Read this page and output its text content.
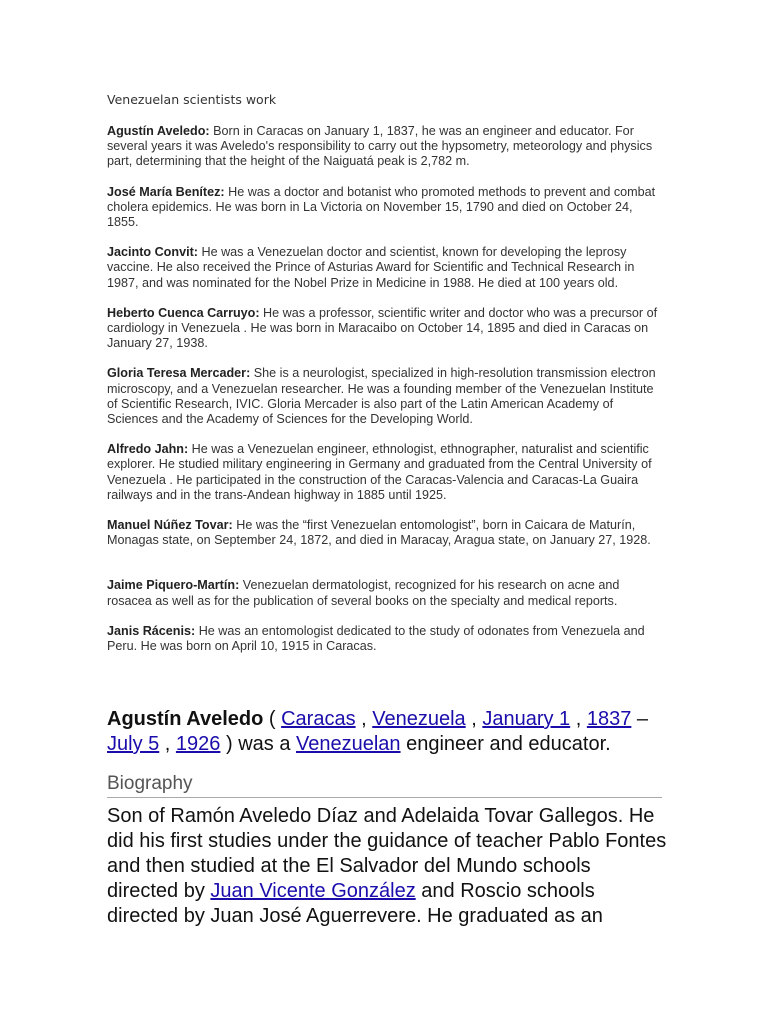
Venezuelan scientists work

Agustín Aveledo: Born in Caracas on January 1, 1837, he was an engineer and educator. For several years it was Aveledo's responsibility to carry out the hypsometry, meteorology and physics part, determining that the height of the Naiguatá peak is 2,782 m.

José María Benítez: He was a doctor and botanist who promoted methods to prevent and combat cholera epidemics. He was born in La Victoria on November 15, 1790 and died on October 24, 1855.

Jacinto Convit: He was a Venezuelan doctor and scientist, known for developing the leprosy vaccine. He also received the Prince of Asturias Award for Scientific and Technical Research in 1987, and was nominated for the Nobel Prize in Medicine in 1988. He died at 100 years old.

Heberto Cuenca Carruyo: He was a professor, scientific writer and doctor who was a precursor of cardiology in Venezuela . He was born in Maracaibo on October 14, 1895 and died in Caracas on January 27, 1938.

Gloria Teresa Mercader: She is a neurologist, specialized in high-resolution transmission electron microscopy, and a Venezuelan researcher. He was a founding member of the Venezuelan Institute of Scientific Research, IVIC. Gloria Mercader is also part of the Latin American Academy of Sciences and the Academy of Sciences for the Developing World.

Alfredo Jahn: He was a Venezuelan engineer, ethnologist, ethnographer, naturalist and scientific explorer. He studied military engineering in Germany and graduated from the Central University of Venezuela . He participated in the construction of the Caracas-Valencia and Caracas-La Guaira railways and in the trans-Andean highway in 1885 until 1925.

Manuel Núñez Tovar: He was the “first Venezuelan entomologist”, born in Caicara de Maturín, Monagas state, on September 24, 1872, and died in Maracay, Aragua state, on January 27, 1928.

Jaime Piquero-Martín: Venezuelan dermatologist, recognized for his research on acne and rosacea as well as for the publication of several books on the specialty and medical reports.

Janis Rácenis: He was an entomologist dedicated to the study of odonates from Venezuela and Peru. He was born on April 10, 1915 in Caracas.

Agustín Aveledo ( Caracas , Venezuela , January 1 , 1837 – July 5 , 1926 ) was a Venezuelan engineer and educator.
Biography
Son of Ramón Aveledo Díaz and Adelaida Tovar Gallegos. He did his first studies under the guidance of teacher Pablo Fontes and then studied at the El Salvador del Mundo schools directed by Juan Vicente González and Roscio schools directed by Juan José Aguerrevere. He graduated as an
